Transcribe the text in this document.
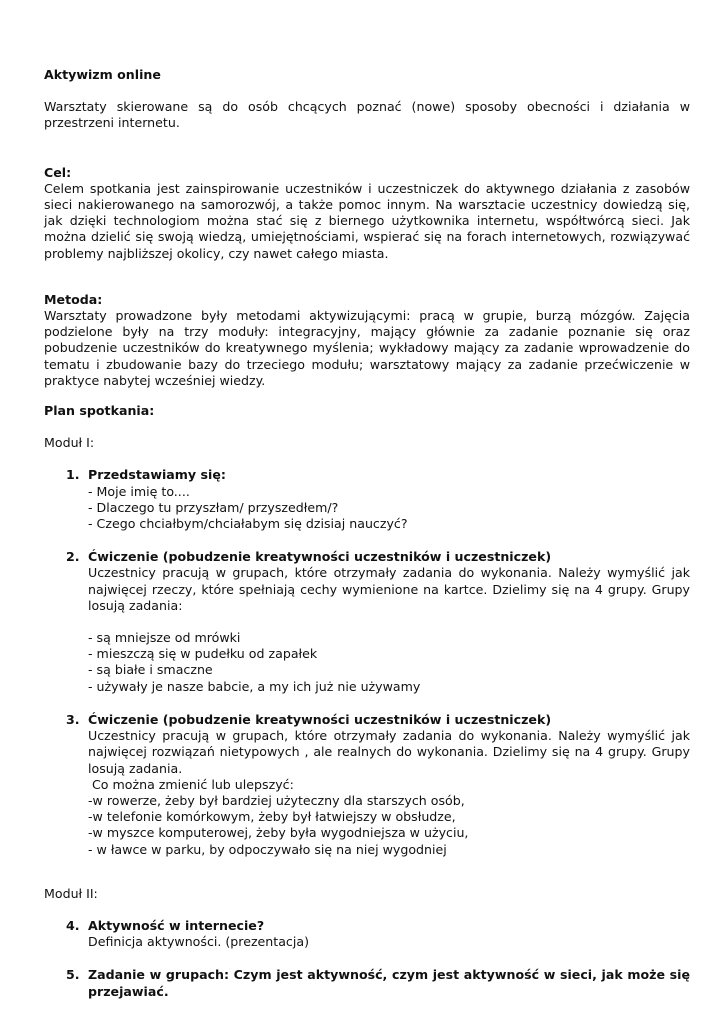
Aktywizm online

Warsztaty skierowane są do osób chcących poznać (nowe) sposoby obecności i działania w przestrzeni internetu.

Cel:

Celem spotkania jest zainspirowanie uczestników i uczestniczek do aktywnego działania z zasobów sieci nakierowanego na samorozwój, a także pomoc innym. Na warsztacie uczestnicy dowiedzą się, jak dzięki technologiom można stać się z biernego użytkownika internetu, współtwórcą sieci. Jak można dzielić się swoją wiedzą, umiejętnościami, wspierać się na forach internetowych, rozwiązywać problemy najbliższej okolicy, czy nawet całego miasta.

Metoda:

Warsztaty prowadzone były metodami aktywizującymi: pracą w grupie, burzą mózgów. Zajęcia podzielone były na trzy moduły: integracyjny, mający głównie za zadanie poznanie się oraz pobudzenie uczestników do kreatywnego myślenia; wykładowy mający za zadanie wprowadzenie do tematu i zbudowanie bazy do trzeciego modułu; warsztatowy mający za zadanie przećwiczenie w praktyce nabytej wcześniej wiedzy.

Plan spotkania:

Moduł I:

1. Przedstawiamy się:

- Moje imię to....

- Dlaczego tu przyszłam/ przyszedłem/?

- Czego chciałbym/chciałabym się dzisiaj nauczyć?

2. Ćwiczenie (pobudzenie kreatywności uczestników i uczestniczek)

Uczestnicy pracują w grupach, które otrzymały zadania do wykonania. Należy wymyślić jak najwięcej rzeczy, które spełniają cechy wymienione na kartce. Dzielimy się na 4 grupy. Grupy losują zadania:

- są mniejsze od mrówki

- mieszczą się w pudełku od zapałek

- są białe i smaczne

- używały je nasze babcie, a my ich już nie używamy

3. Ćwiczenie (pobudzenie kreatywności uczestników i uczestniczek)

Uczestnicy pracują w grupach, które otrzymały zadania do wykonania. Należy wymyślić jak najwięcej rozwiązań nietypowych , ale realnych do wykonania. Dzielimy się na 4 grupy. Grupy losują zadania.

Co można zmienić lub ulepszyć:

-w rowerze, żeby był bardziej użyteczny dla starszych osób,

-w telefonie komórkowym, żeby był łatwiejszy w obsłudze,

-w myszce komputerowej, żeby była wygodniejsza w użyciu,

- w ławce w parku, by odpoczywało się na niej wygodniej

Moduł II:

4. Aktywność w internecie?

Definicja aktywności. (prezentacja)

5. Zadanie w grupach: Czym jest aktywność, czym jest aktywność w sieci, jak może się przejawiać.
